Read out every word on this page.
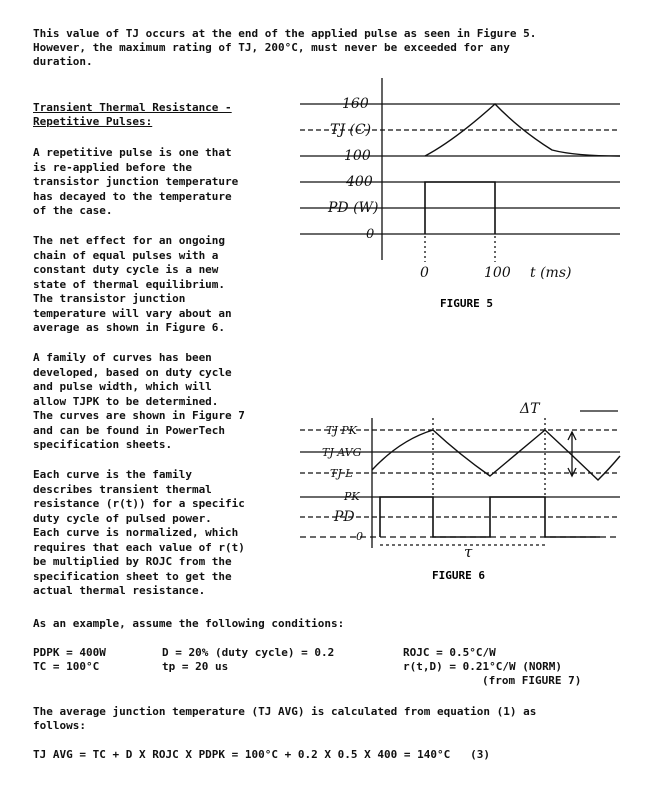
This value of TJ occurs at the end of the applied pulse as seen in Figure 5.
However, the maximum rating of TJ, 200°C, must never be exceeded for any
duration.
Transient Thermal Resistance -
Repetitive Pulses:
A repetitive pulse is one that
is re-applied before the
transistor junction temperature
has decayed to the temperature
of the case.
The net effect for an ongoing
chain of equal pulses with a
constant duty cycle is a new
state of thermal equilibrium.
The transistor junction
temperature will vary about an
average as shown in Figure 6.
A family of curves has been
developed, based on duty cycle
and pulse width, which will
allow TJPK to be determined.
The curves are shown in Figure 7
and can be found in PowerTech
specification sheets.
Each curve is the family
describes transient thermal
resistance (r(t)) for a specific
duty cycle of pulsed power.
Each curve is normalized, which
requires that each value of r(t)
be multiplied by ROJC from the
specification sheet to get the
actual thermal resistance.
As an example, assume the following conditions:
PDPK = 400W
TC = 100°C
D = 20% (duty cycle) = 0.2
tp = 20 us
ROJC = 0.5°C/W
r(t,D) = 0.21°C/W (NORM)
(from FIGURE 7)
The average junction temperature (TJ AVG) is calculated from equation (1) as
follows:
TJ AVG = TC + D X ROJC X PDPK = 100°C + 0.2 X 0.5 X 400 = 140°C   (3)
160
TJ (C)
100
400
PD (W)
0
0	100 t (ms)
FIGURE 5
ΔT
TJ PK
TJ AVG
TJ L
PK
PD
0
τ
FIGURE 6
